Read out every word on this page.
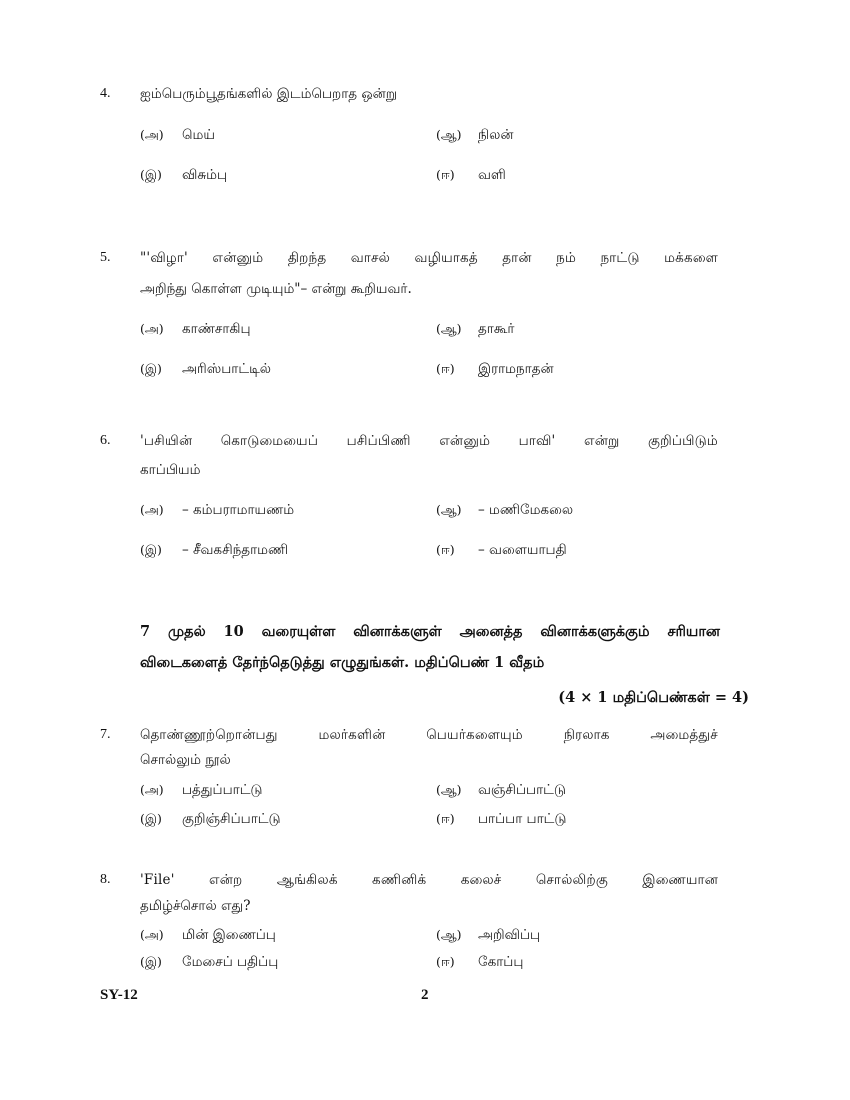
4. ஐம்பெரும்பூதங்களில் இடம்பெறாத ஒன்று
(அ) மெய்	(ஆ) நிலன்
(இ) விசும்பு	(ஈ) வளி
5. "'விழா' என்னும் திறந்த வாசல் வழியாகத் தான் நம் நாட்டு மக்களை
அறிந்து கொள்ள முடியும்"– என்று கூறியவர்.
(அ) காண்சாகிபு	(ஆ) தாகூர்
(இ) அரிஸ்பாட்டில்	(ஈ) இராமநாதன்
6. 'பசியின் கொடுமையைப் பசிப்பிணி என்னும் பாவி' என்று குறிப்பிடும்
காப்பியம்
(அ) – கம்பராமாயணம்	(ஆ) – மணிமேகலை
(இ) – சீவகசிந்தாமணி	(ஈ) – வளையாபதி
7 முதல் 10 வரையுள்ள வினாக்களுள் அனைத்த வினாக்களுக்கும் சரியான
விடைகளைத் தேர்ந்தெடுத்து எழுதுங்கள். மதிப்பெண் 1 வீதம்
(4 × 1 மதிப்பெண்கள் = 4)
7. தொண்ணூற்றொன்பது மலர்களின் பெயர்களையும் நிரலாக அமைத்துச்
சொல்லும் நூல்
(அ) பத்துப்பாட்டு	(ஆ) வஞ்சிப்பாட்டு
(இ) குறிஞ்சிப்பாட்டு	(ஈ) பாப்பா பாட்டு
8. 'File' என்ற ஆங்கிலக் கணினிக் கலைச் சொல்லிற்கு இணையான
தமிழ்ச்சொல் எது?
(அ) மின் இணைப்பு	(ஆ) அறிவிப்பு
(இ) மேசைப் பதிப்பு	(ஈ) கோப்பு
SY-12	2
